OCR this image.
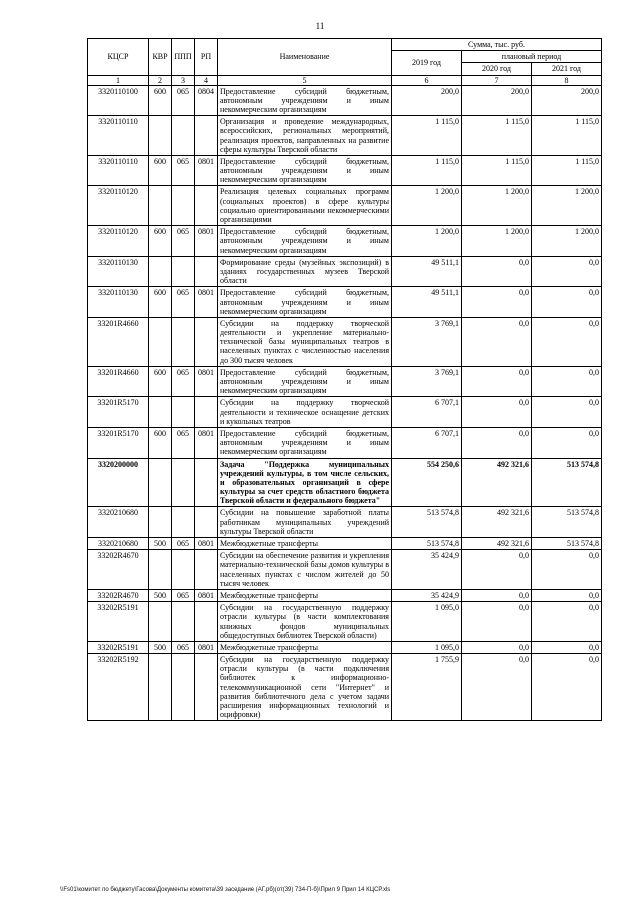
11
КЦСР	КВР	ППП	РП	Наименование	Сумма, тыс. руб.		
					2019 год	плановый период	
						2020 год	2021 год
1	2	3	4	5	6	7	8
3320110100	600	065	0804	Предоставление субсидий бюджетным, автономным учреждениям и иным некоммерческим организациям	200,0	200,0	200,0
3320110110				Организация и проведение международных, всероссийских, региональных мероприятий, реализация проектов, направленных на развитие сферы культуры Тверской области	1 115,0	1 115,0	1 115,0
3320110110	600	065	0801	Предоставление субсидий бюджетным, автономным учреждениям и иным некоммерческим организациям	1 115,0	1 115,0	1 115,0
3320110120				Реализация целевых социальных программ (социальных проектов) в сфере культуры социально ориентированными некоммерческими организациями	1 200,0	1 200,0	1 200,0
3320110120	600	065	0801	Предоставление субсидий бюджетным, автономным учреждениям и иным некоммерческим организациям	1 200,0	1 200,0	1 200,0
3320110130				Формирование среды (музейных экспозиций) в зданиях государственных музеев Тверской области	49 511,1	0,0	0,0
3320110130	600	065	0801	Предоставление субсидий бюджетным, автономным учреждениям и иным некоммерческим организациям	49 511,1	0,0	0,0
33201R4660				Субсидии на поддержку творческой деятельности и укрепление материально-технической базы муниципальных театров в населенных пунктах с численностью населения до 300 тысяч человек	3 769,1	0,0	0,0
33201R4660	600	065	0801	Предоставление субсидий бюджетным, автономным учреждениям и иным некоммерческим организациям	3 769,1	0,0	0,0
33201R5170				Субсидии на поддержку творческой деятельности и техническое оснащение детских и кукольных театров	6 707,1	0,0	0,0
33201R5170	600	065	0801	Предоставление субсидий бюджетным, автономным учреждениям и иным некоммерческим организациям	6 707,1	0,0	0,0
3320200000				Задача "Поддержка муниципальных учреждений культуры, в том числе сельских, и образовательных организаций в сфере культуры за счет средств областного бюджета Тверской области и федерального бюджета"	554 250,6	492 321,6	513 574,8
3320210680				Субсидии на повышение заработной платы работникам муниципальных учреждений культуры Тверской области	513 574,8	492 321,6	513 574,8
3320210680	500	065	0801	Межбюджетные трансферты	513 574,8	492 321,6	513 574,8
33202R4670				Субсидии на обеспечение развития и укрепления материально-технической базы домов культуры в населенных пунктах с числом жителей до 50 тысяч человек	35 424,9	0,0	0,0
33202R4670	500	065	0801	Межбюджетные трансферты	35 424,9	0,0	0,0
33202R5191				Субсидии на государственную поддержку отрасли культуры (в части комплектования книжных фондов муниципальных общедоступных библиотек Тверской области)	1 095,0	0,0	0,0
33202R5191	500	065	0801	Межбюджетные трансферты	1 095,0	0,0	0,0
33202R5192				Субсидии на государственную поддержку отрасли культуры (в части подключения библиотек к информационно-телекоммуникационной сети "Интернет" и развития библиотечного дела с учетом задачи расширения информационных технологий и оцифровки)	1 755,9	0,0	0,0
\\Fs01\комитет по бюджету\Гасова\Документы комитета\39 заседание (АГ.рб)(от(39) 734-П-б)\Прил 9 Прил 14 КЦСР.xls
